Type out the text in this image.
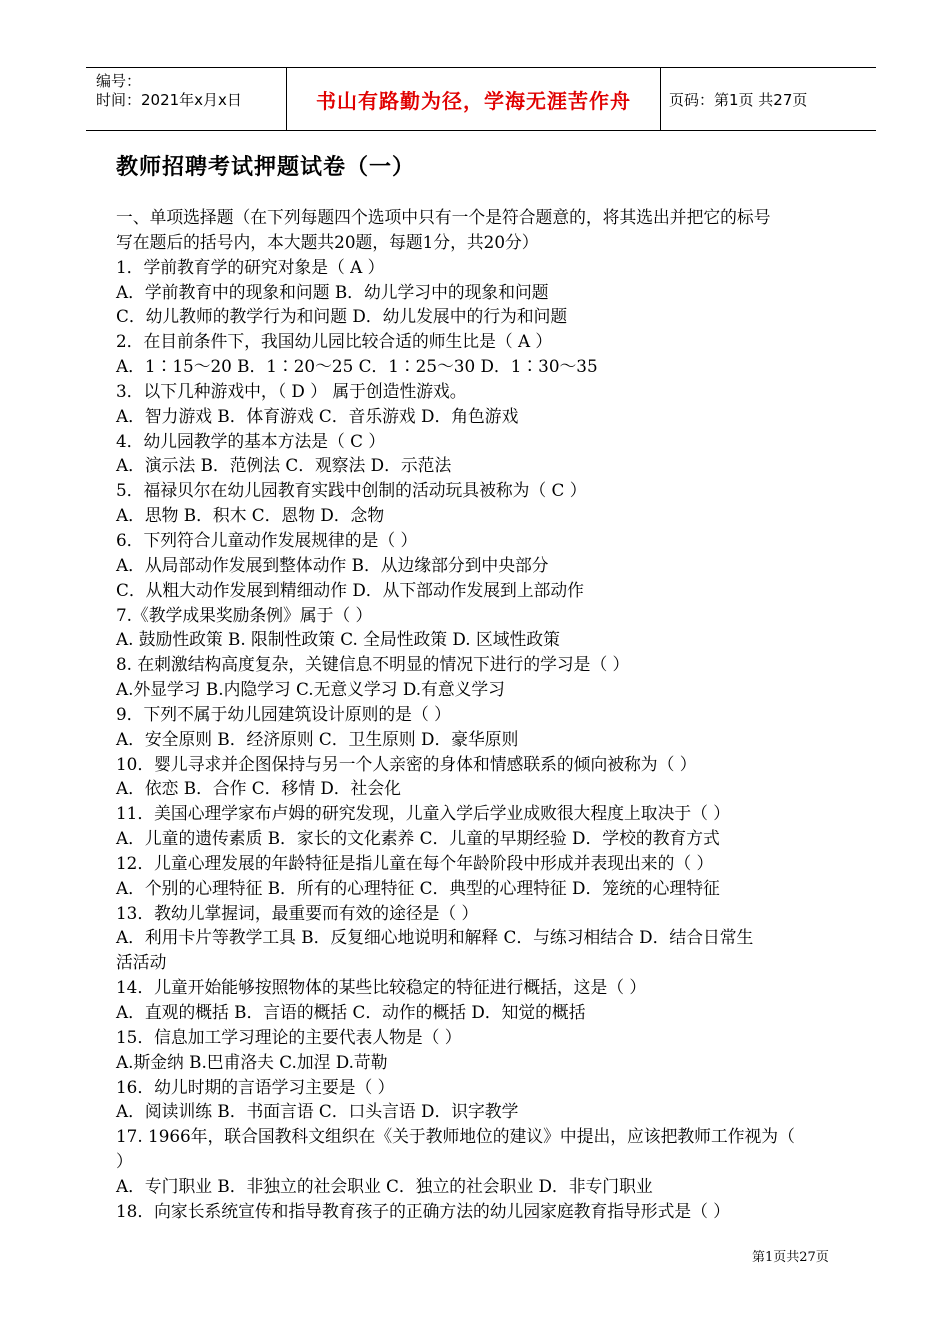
编号：
时间：2021年x月x日	书山有路勤为径，学海无涯苦作舟	页码：第1页 共27页
教师招聘考试押题试卷（一）
一、单项选择题（在下列每题四个选项中只有一个是符合题意的，将其选出并把它的标号
写在题后的括号内，本大题共20题，每题1分，共20分）
1．学前教育学的研究对象是（ A ）
A．学前教育中的现象和问题 B．幼儿学习中的现象和问题
C．幼儿教师的教学行为和问题 D．幼儿发展中的行为和问题
2．在目前条件下，我国幼儿园比较合适的师生比是（ A ）
A．1∶15～20 B．1∶20～25 C．1∶25～30 D．1∶30～35
3．以下几种游戏中，（ D ） 属于创造性游戏。
A．智力游戏 B．体育游戏 C．音乐游戏 D．角色游戏
4．幼儿园教学的基本方法是（ C ）
A．演示法 B．范例法 C．观察法 D．示范法
5．福禄贝尔在幼儿园教育实践中创制的活动玩具被称为（ C ）
A．思物 B．积木 C．恩物 D．念物
6．下列符合儿童动作发展规律的是（ ）
A．从局部动作发展到整体动作 B．从边缘部分到中央部分
C．从粗大动作发展到精细动作 D．从下部动作发展到上部动作
7.《教学成果奖励条例》属于（ ）
A. 鼓励性政策 B. 限制性政策 C. 全局性政策 D. 区域性政策
8. 在刺激结构高度复杂，关键信息不明显的情况下进行的学习是（ ）
A.外显学习 B.内隐学习 C.无意义学习 D.有意义学习
9．下列不属于幼儿园建筑设计原则的是（ ）
A．安全原则 B．经济原则 C．卫生原则 D．豪华原则
10．婴儿寻求并企图保持与另一个人亲密的身体和情感联系的倾向被称为（ ）
A．依恋 B．合作 C．移情 D．社会化
11．美国心理学家布卢姆的研究发现，儿童入学后学业成败很大程度上取决于（ ）
A．儿童的遗传素质 B．家长的文化素养 C．儿童的早期经验 D．学校的教育方式
12．儿童心理发展的年龄特征是指儿童在每个年龄阶段中形成并表现出来的（ ）
A．个别的心理特征 B．所有的心理特征 C．典型的心理特征 D．笼统的心理特征
13．教幼儿掌握词，最重要而有效的途径是（ ）
A．利用卡片等教学工具 B．反复细心地说明和解释 C．与练习相结合 D．结合日常生
活活动
14．儿童开始能够按照物体的某些比较稳定的特征进行概括，这是（ ）
A．直观的概括 B．言语的概括 C．动作的概括 D．知觉的概括
15．信息加工学习理论的主要代表人物是（ ）
A.斯金纳 B.巴甫洛夫 C.加涅 D.苛勒
16．幼儿时期的言语学习主要是（ ）
A．阅读训练 B．书面言语 C．口头言语 D．识字教学
17. 1966年，联合国教科文组织在《关于教师地位的建议》中提出，应该把教师工作视为（
）
A．专门职业 B．非独立的社会职业 C．独立的社会职业 D．非专门职业
18．向家长系统宣传和指导教育孩子的正确方法的幼儿园家庭教育指导形式是（ ）
第1页共27页
